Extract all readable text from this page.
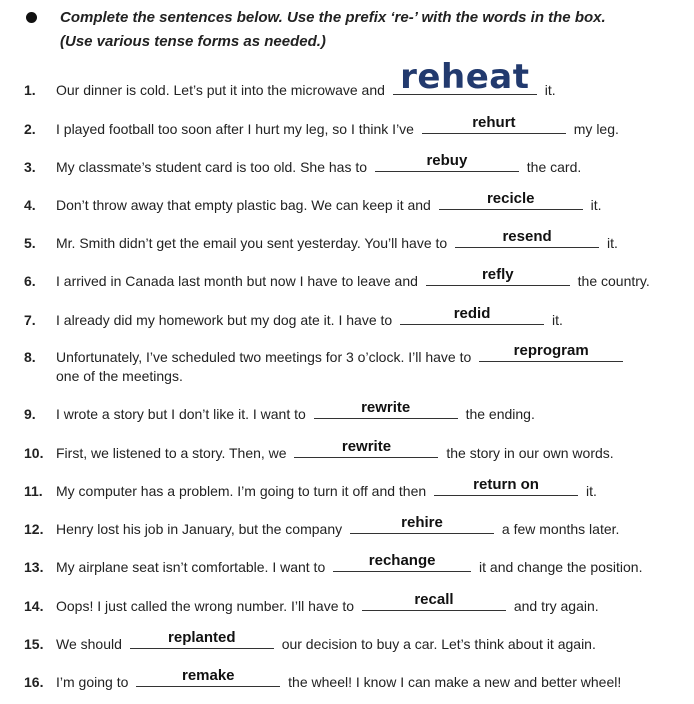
Complete the sentences below. Use the prefix ‘re-’ with the words in the box.
(Use various tense forms as needed.)
1.	Our dinner is cold. Let’s put it into the microwave and reheat	it.
2.	I played football too soon after I hurt my leg, so I think I’ve	rehurt	my leg.
3.	My classmate’s student card is too old. She has to	rebuy	the card.
4.	Don’t throw away that empty plastic bag. We can keep it and	recicle	it.
5.	Mr. Smith didn’t get the email you sent yesterday. You’ll have to	resend	it.
6.	I arrived in Canada last month but now I have to leave and	refly	the country.
7.	I already did my homework but my dog ate it. I have to	redid	it.
8.	Unfortunately, I’ve scheduled two meetings for 3 o’clock. I’ll have to	reprogram
one of the meetings.
9.	I wrote a story but I don’t like it. I want to	rewrite	the ending.
10. First, we listened to a story. Then, we	rewrite	the story in our own words.
11. My computer has a problem. I’m going to turn it off and then	return on	it.
12. Henry lost his job in January, but the company	rehire	a few months later.
13. My airplane seat isn’t comfortable. I want to	rechange	it and change the position.
14. Oops! I just called the wrong number. I’ll have to	recall	and try again.
15. We should	replanted	our decision to buy a car. Let’s think about it again.
16. I’m going to	remake	the wheel! I know I can make a new and better wheel!
